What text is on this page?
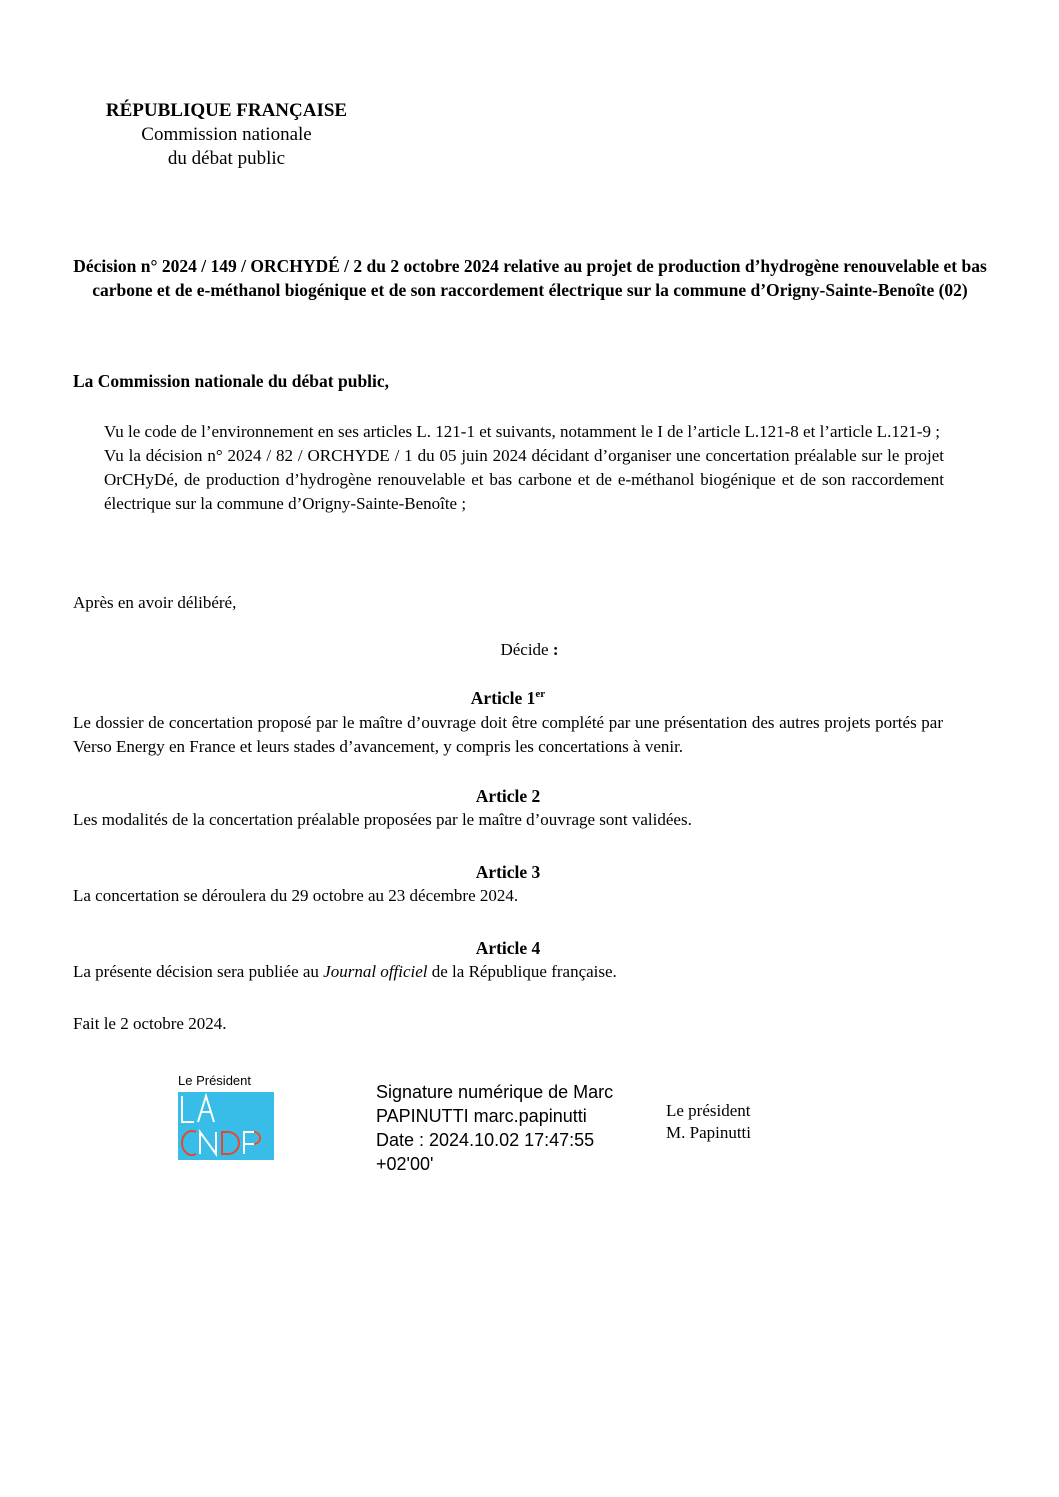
RÉPUBLIQUE FRANÇAISE
Commission nationale
du débat public
Décision n° 2024 / 149 / ORCHYDÉ / 2 du 2 octobre 2024 relative au projet de production d’hydrogène renouvelable et bas carbone et de e-méthanol biogénique et de son raccordement électrique sur la commune d’Origny-Sainte-Benoîte (02)
La Commission nationale du débat public,

Vu le code de l’environnement en ses articles L. 121-1 et suivants, notamment le I de l’article L.121-8 et l’article L.121-9 ;

Vu la décision n° 2024 / 82 / ORCHYDE / 1 du 05 juin 2024 décidant d’organiser une concertation préalable sur le projet OrCHyDé, de production d’hydrogène renouvelable et bas carbone et de e-méthanol biogénique et de son raccordement électrique sur la commune d’Origny-Sainte-Benoîte ;

Après en avoir délibéré,
Décide :
Article 1er

Le dossier de concertation proposé par le maître d’ouvrage doit être complété par une présentation des autres projets portés par Verso Energy en France et leurs stades d’avancement, y compris les concertations à venir.

Article 2

Les modalités de la concertation préalable proposées par le maître d’ouvrage sont validées.

Article 3

La concertation se déroulera du 29 octobre au 23 décembre 2024.

Article 4

La présente décision sera publiée au Journal officiel de la République française.

Fait le 2 octobre 2024.
Le Président
Signature numérique de Marc
PAPINUTTI marc.papinutti
Date : 2024.10.02 17:47:55
+02'00'
Le président
M. Papinutti
